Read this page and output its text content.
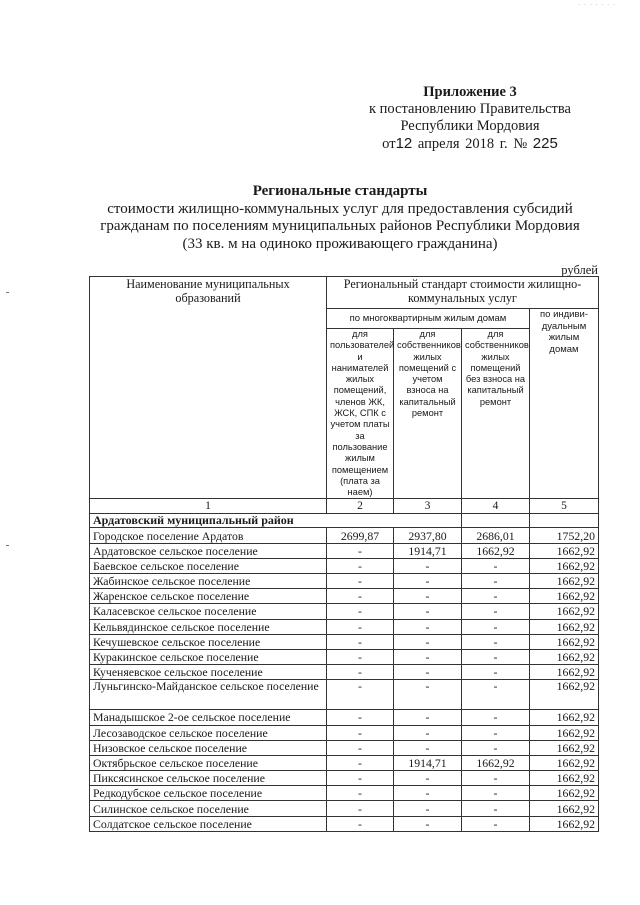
· · · · · · ·
Приложение 3
к постановлению Правительства
Республики Мордовия
от12 апреля 2018 г. № 225
Региональные стандарты
стоимости жилищно-коммунальных услуг для предоставления субсидий
гражданам по поселениям муниципальных районов Республики Мордовия
(33 кв. м на одиноко проживающего гражданина)
рублей
Наименование муниципальных образований	Региональный стандарт стоимости жилищно-коммунальных услуг			
	по многоквартирным жилым домам			по индиви-дуальным жилым домам
	для пользователей и нанимателей жилых помещений, членов ЖК, ЖСК, СПК с учетом платы за пользование жилым помещением (плата за наем)	для собственников жилых помещений с учетом взноса на капитальный ремонт	для собственников жилых помещений без взноса на капитальный ремонт	
1	2	3	4	5
Ардатовский муниципальный район				
Городское поселение Ардатов	2699,87	2937,80	2686,01	1752,20
Ардатовское сельское поселение	-	1914,71	1662,92	1662,92
Баевское сельское поселение	-	-	-	1662,92
Жабинское сельское поселение	-	-	-	1662,92
Жаренское сельское поселение	-	-	-	1662,92
Каласевское сельское поселение	-	-	-	1662,92
Кельвядинское сельское поселение	-	-	-	1662,92
Кечушевское сельское поселение	-	-	-	1662,92
Куракинское сельское поселение	-	-	-	1662,92
Кученяевское сельское поселение	-	-	-	1662,92
Луньгинско-Майданское сельское поселение	-	-	-	1662,92
Манадышское 2-ое сельское поселение	-	-	-	1662,92
Лесозаводское сельское поселение	-	-	-	1662,92
Низовское сельское поселение	-	-	-	1662,92
Октябрьское сельское поселение	-	1914,71	1662,92	1662,92
Пиксясинское сельское поселение	-	-	-	1662,92
Редкодубское сельское поселение	-	-	-	1662,92
Силинское сельское поселение	-	-	-	1662,92
Солдатское сельское поселение	-	-	-	1662,92
